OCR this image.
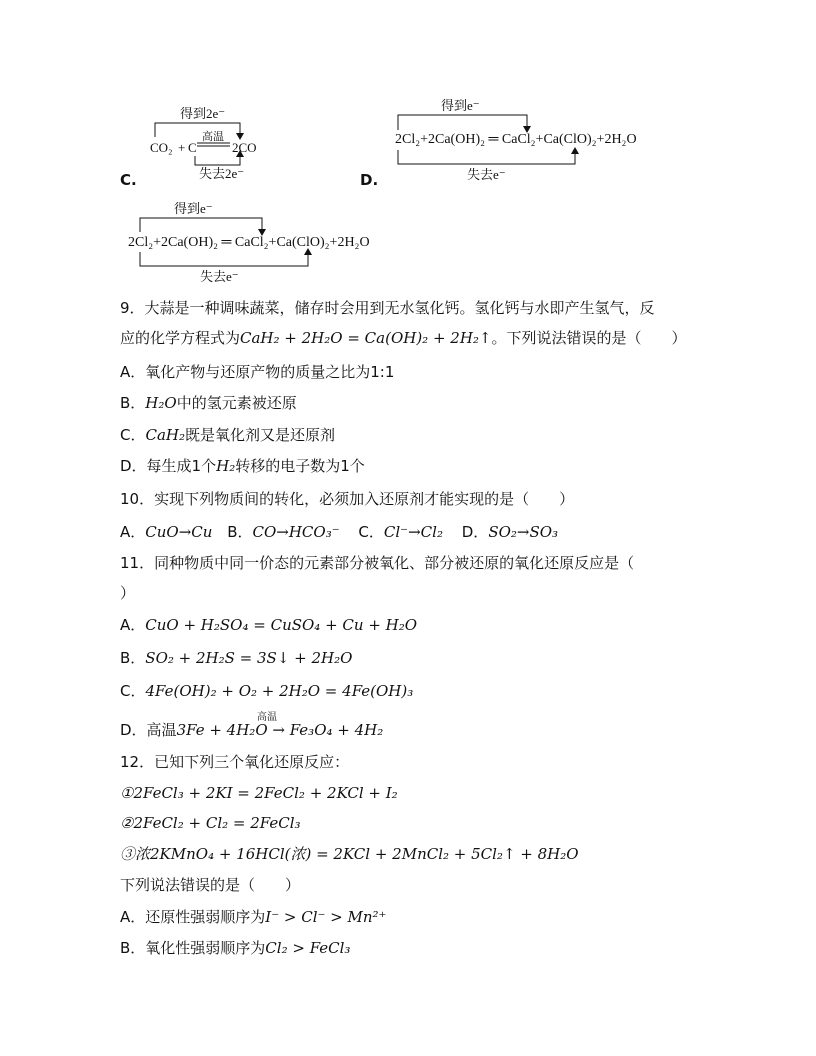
得到2e⁻
高温
CO₂ + C	2CO
失去2e⁻
C.
得到e⁻
2Cl₂+2Ca(OH)₂ ═ CaCl₂+Ca(ClO)₂+2H₂O
失去e⁻
D.
得到e⁻
2Cl₂+2Ca(OH)₂ ═ CaCl₂+Ca(ClO)₂+2H₂O
失去e⁻
9．大蒜是一种调味蔬菜，储存时会用到无水氢化钙。氢化钙与水即产生氢气，反
应的化学方程式为CaH₂ + 2H₂O = Ca(OH)₂ + 2H₂↑。下列说法错误的是（　　）
A．氧化产物与还原产物的质量之比为1:1
B．H₂O中的氢元素被还原
C．CaH₂既是氧化剂又是还原剂
D．每生成1个H₂转移的电子数为1个
10．实现下列物质间的转化，必须加入还原剂才能实现的是（　　）
A．CuO→Cu B．CO→HCO₃⁻ C．Cl⁻→Cl₂ D．SO₂→SO₃
11．同种物质中同一价态的元素部分被氧化、部分被还原的氧化还原反应是（
）
A．CuO + H₂SO₄ = CuSO₄ + Cu + H₂O
B．SO₂ + 2H₂S = 3S↓ + 2H₂O
C．4Fe(OH)₂ + O₂ + 2H₂O = 4Fe(OH)₃
高温
D．高温3Fe + 4H₂O → Fe₃O₄ + 4H₂
12．已知下列三个氧化还原反应：
①2FeCl₃ + 2KI = 2FeCl₂ + 2KCl + I₂
②2FeCl₂ + Cl₂ = 2FeCl₃
③浓2KMnO₄ + 16HCl(浓) = 2KCl + 2MnCl₂ + 5Cl₂↑ + 8H₂O
下列说法错误的是（　　）
A．还原性强弱顺序为I⁻ > Cl⁻ > Mn²⁺
B．氧化性强弱顺序为Cl₂ > FeCl₃
